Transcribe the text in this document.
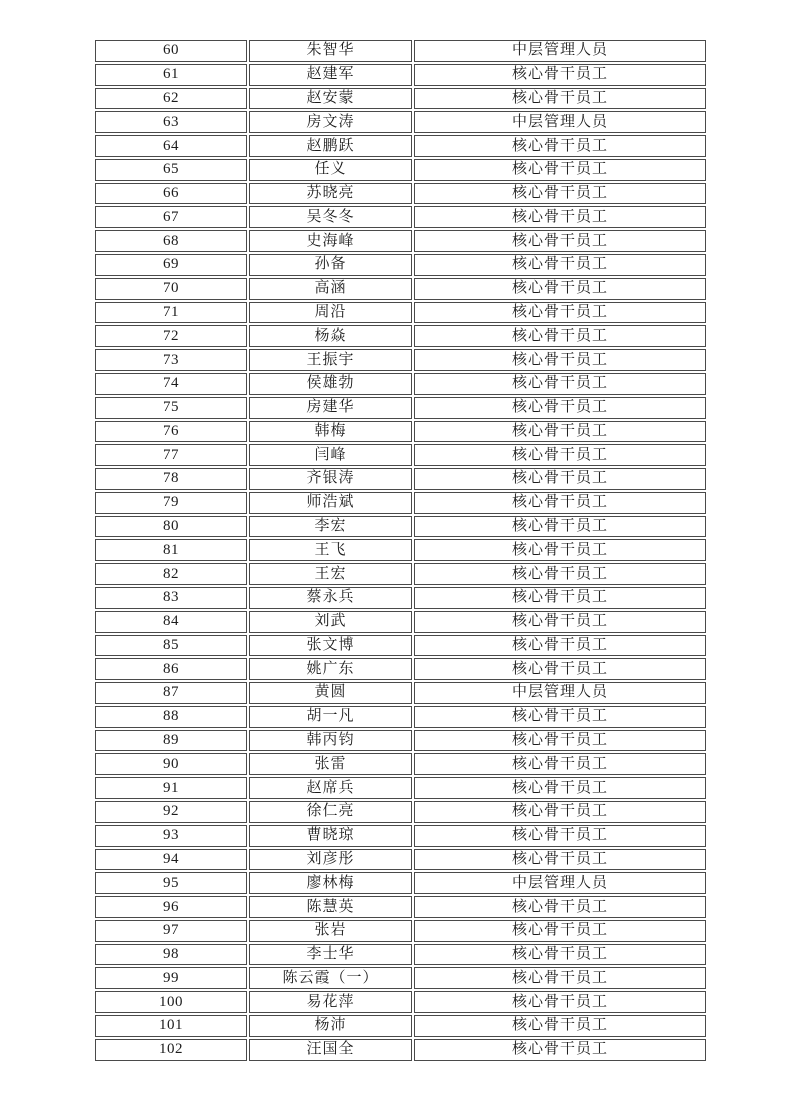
60	朱智华	中层管理人员
61	赵建军	核心骨干员工
62	赵安蒙	核心骨干员工
63	房文涛	中层管理人员
64	赵鹏跃	核心骨干员工
65	任义	核心骨干员工
66	苏晓亮	核心骨干员工
67	吴冬冬	核心骨干员工
68	史海峰	核心骨干员工
69	孙备	核心骨干员工
70	高涵	核心骨干员工
71	周沿	核心骨干员工
72	杨焱	核心骨干员工
73	王振宇	核心骨干员工
74	侯雄勃	核心骨干员工
75	房建华	核心骨干员工
76	韩梅	核心骨干员工
77	闫峰	核心骨干员工
78	齐银涛	核心骨干员工
79	师浩斌	核心骨干员工
80	李宏	核心骨干员工
81	王飞	核心骨干员工
82	王宏	核心骨干员工
83	蔡永兵	核心骨干员工
84	刘武	核心骨干员工
85	张文博	核心骨干员工
86	姚广东	核心骨干员工
87	黄圆	中层管理人员
88	胡一凡	核心骨干员工
89	韩丙钧	核心骨干员工
90	张雷	核心骨干员工
91	赵席兵	核心骨干员工
92	徐仁亮	核心骨干员工
93	曹晓琼	核心骨干员工
94	刘彦彤	核心骨干员工
95	廖林梅	中层管理人员
96	陈慧英	核心骨干员工
97	张岩	核心骨干员工
98	李士华	核心骨干员工
99	陈云霞（一）	核心骨干员工
100	易花萍	核心骨干员工
101	杨沛	核心骨干员工
102	汪国全	核心骨干员工
